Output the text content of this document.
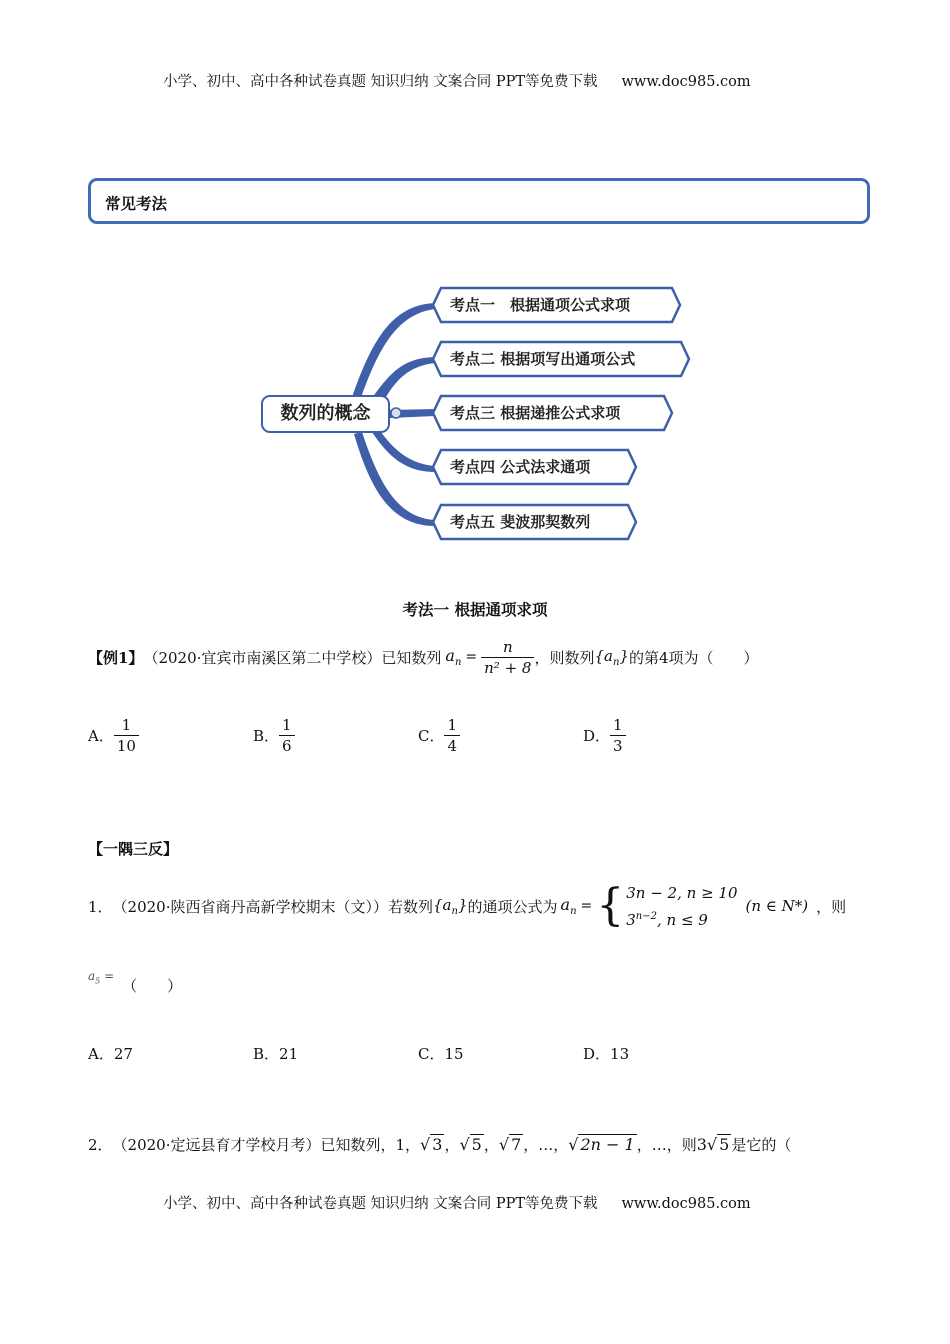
小学、初中、高中各种试卷真题 知识归纳 文案合同 PPT等免费下载 www.doc985.com
常见考法
数列的概念
考点一　根据通项公式求项
考点二 根据项写出通项公式
考点三 根据递推公式求项
考点四 公式法求通项
考点五 斐波那契数列
考法一 根据通项求项
【例1】 （2020·宜宾市南溪区第二中学校）已知数列 $a_n = \frac{n}{\text{n² + 8}}$ ，则数列 $\{a_n\}$ 的第4项为（　　）
A． $\frac{1}{10}$	B． $\frac{1}{6}$	C． $\frac{1}{4}$	D． $\frac{1}{3}$
【一隅三反】
1． （2020·陕西省商丹高新学校期末（文））若数列 $\{a_n\}$ 的通项公式为 $a_n$ = { 3n − 2, n ≥ 10
$3^{n-2}$, n ≤ 9
(n ∈ N*) ，则
$a_5$ =
（　　）
A．27	B．21	C．15	D．13
2． （2020·定远县育才学校月考）已知数列，1， √ 3 ， √ 5 ， √ 7 ，…， √ 2n − 1 ，…，则 3√ 5 是它的（
小学、初中、高中各种试卷真题 知识归纳 文案合同 PPT等免费下载 www.doc985.com
